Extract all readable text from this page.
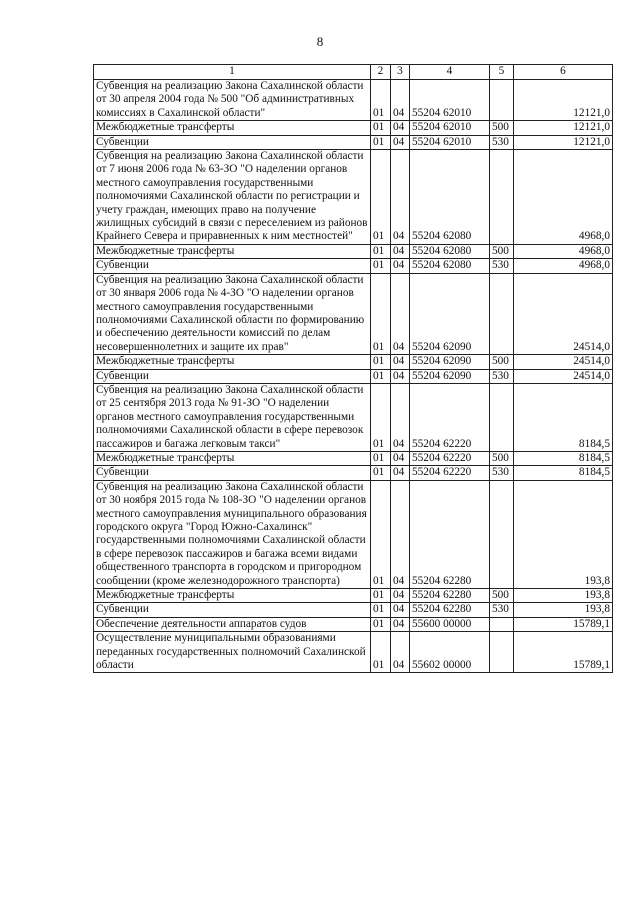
8
1	2	3	4	5	6
Субвенция на реализацию Закона Сахалинской области от 30 апреля 2004 года № 500 "Об административных комиссиях в Сахалинской области"	01	04	55204 62010		12121,0
Межбюджетные трансферты	01	04	55204 62010	500	12121,0
Субвенции	01	04	55204 62010	530	12121,0
Субвенция на реализацию Закона Сахалинской области от 7 июня 2006 года № 63-ЗО "О наделении органов местного самоуправления государственными полномочиями Сахалинской области по регистрации и учету граждан, имеющих право на получение жилищных субсидий в связи с переселением из районов Крайнего Севера и приравненных к ним местностей"	01	04	55204 62080		4968,0
Межбюджетные трансферты	01	04	55204 62080	500	4968,0
Субвенции	01	04	55204 62080	530	4968,0
Субвенция на реализацию Закона Сахалинской области от 30 января 2006 года № 4-ЗО "О наделении органов местного самоуправления государственными полномочиями Сахалинской области по формированию и обеспечению деятельности комиссий по делам несовершеннолетних и защите их прав"	01	04	55204 62090		24514,0
Межбюджетные трансферты	01	04	55204 62090	500	24514,0
Субвенции	01	04	55204 62090	530	24514,0
Субвенция на реализацию Закона Сахалинской области от 25 сентября 2013 года № 91-ЗО "О наделении органов местного самоуправления государственными полномочиями Сахалинской области в сфере перевозок пассажиров и багажа легковым такси"	01	04	55204 62220		8184,5
Межбюджетные трансферты	01	04	55204 62220	500	8184,5
Субвенции	01	04	55204 62220	530	8184,5
Субвенция на реализацию Закона Сахалинской области от 30 ноября 2015 года № 108-ЗО "О наделении органов местного самоуправления муниципального образования городского округа "Город Южно-Сахалинск" государственными полномочиями Сахалинской области в сфере перевозок пассажиров и багажа всеми видами общественного транспорта в городском и пригородном сообщении (кроме железнодорожного транспорта)	01	04	55204 62280		193,8
Межбюджетные трансферты	01	04	55204 62280	500	193,8
Субвенции	01	04	55204 62280	530	193,8
Обеспечение деятельности аппаратов судов	01	04	55600 00000		15789,1
Осуществление муниципальными образованиями переданных государственных полномочий Сахалинской области	01	04	55602 00000		15789,1
